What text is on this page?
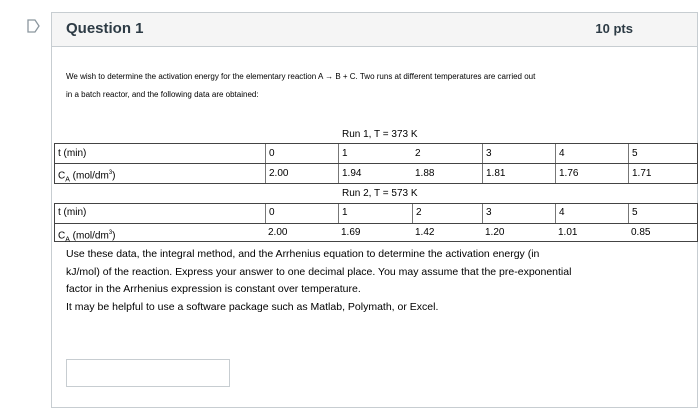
Question 1	10 pts
We wish to determine the activation energy for the elementary reaction A → B + C. Two runs at different temperatures are carried out
in a batch reactor, and the following data are obtained:
Run 1, T = 373 K
t (min)	0	1	2	3	4	5
$C_A$ $(mol/dm^3)$	2.00	1.94	1.88	1.81	1.76	1.71
Run 2, T = 573 K
t (min)	0	1	2	3	4	5
$C_A$ $(mol/dm^3)$	2.00	1.69	1.42	1.20	1.01	0.85

Use these data, the integral method, and the Arrhenius equation to determine the activation energy (in

kJ/mol) of the reaction. Express your answer to one decimal place. You may assume that the pre-exponential

factor in the Arrhenius expression is constant over temperature.

It may be helpful to use a software package such as Matlab, Polymath, or Excel.
